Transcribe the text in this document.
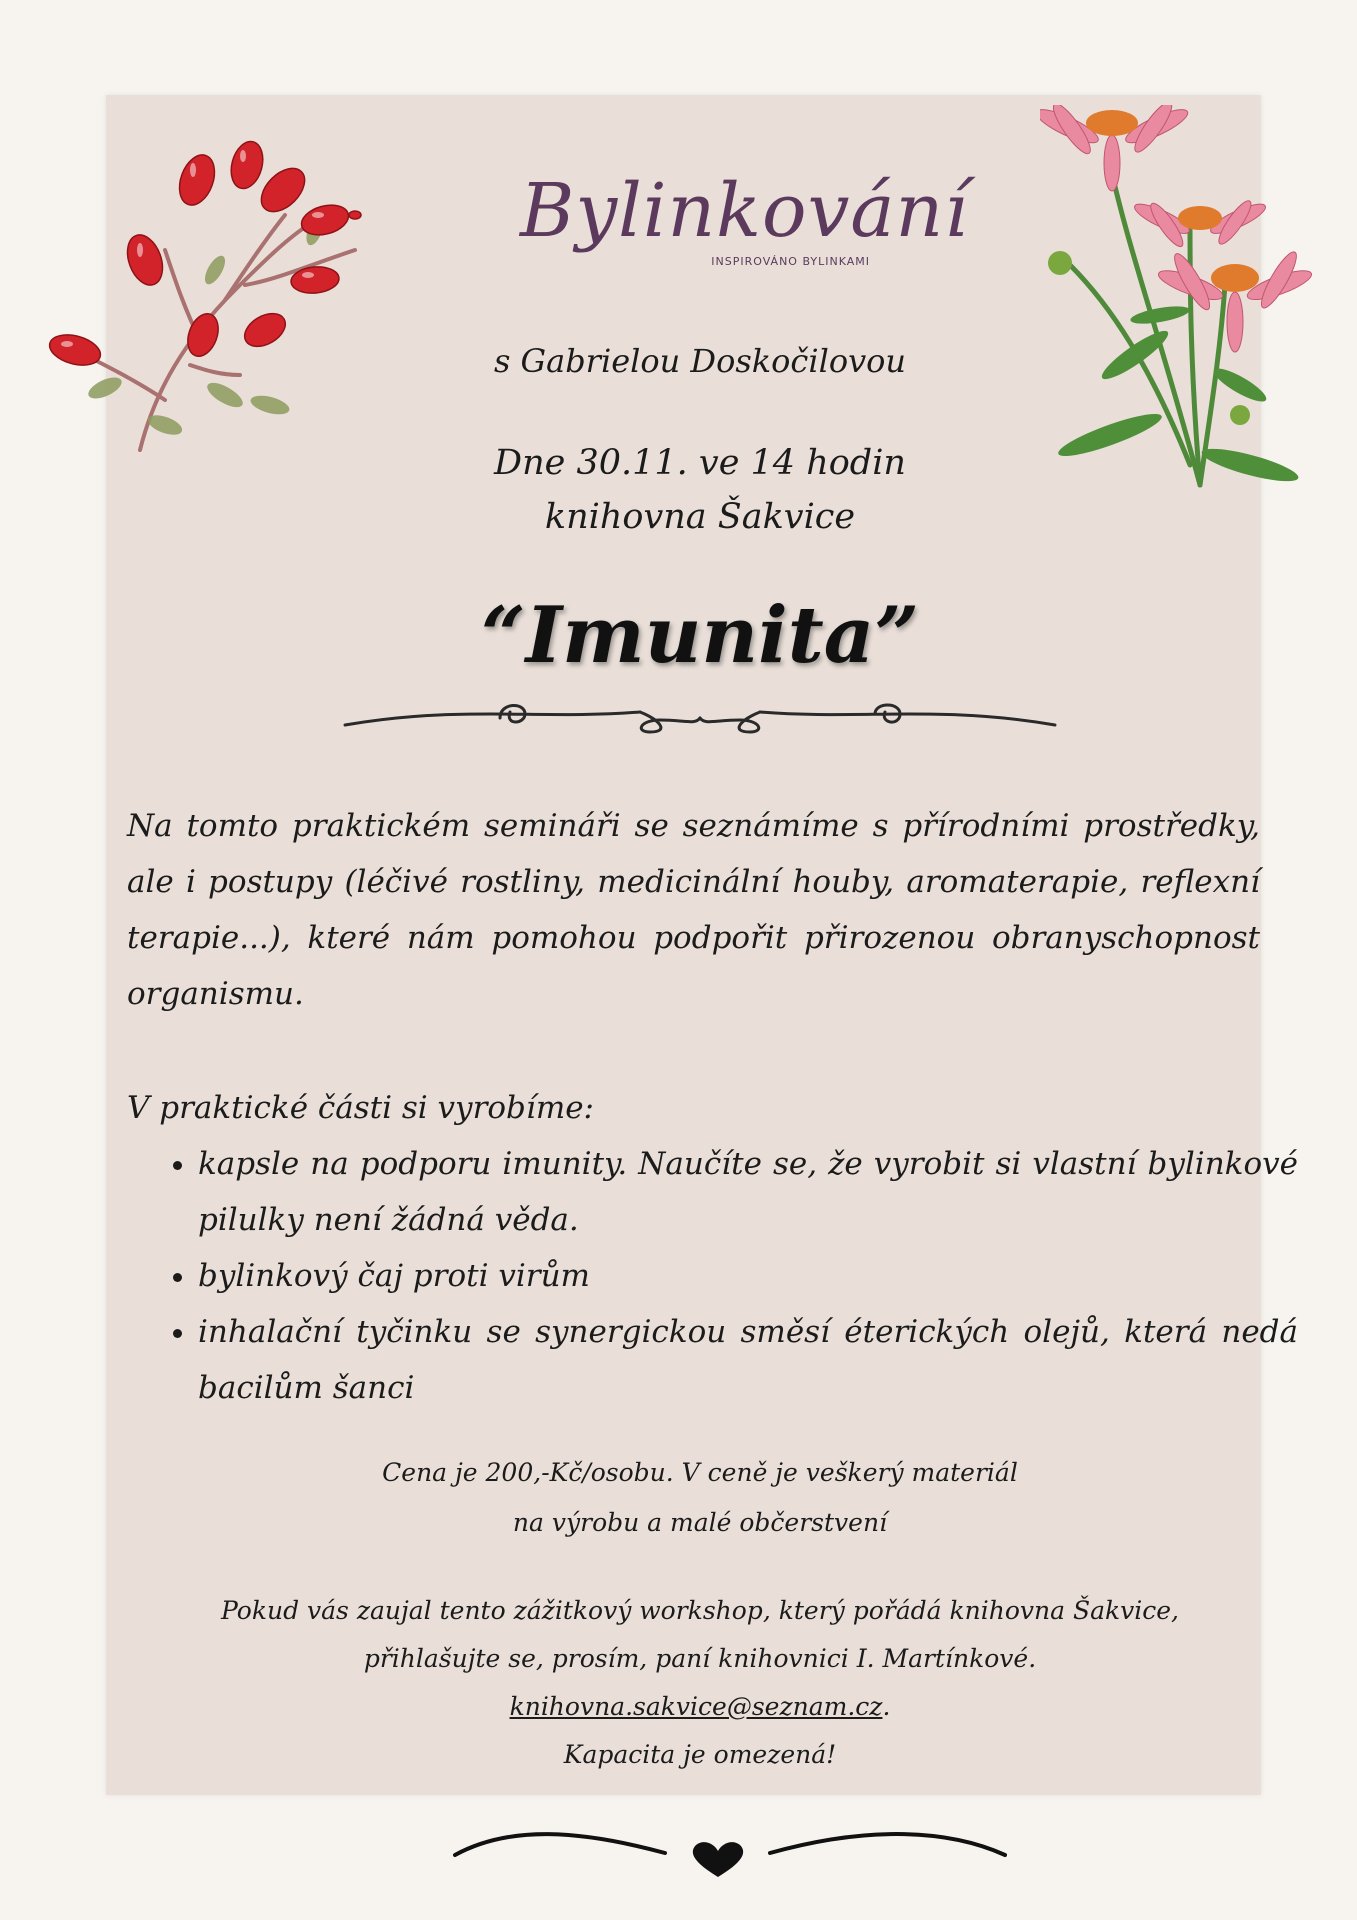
Bylinkování
INSPIROVÁNO BYLINKAMI
s Gabrielou Doskočilovou
Dne 30.11. ve 14 hodin
knihovna Šakvice
“Imunita”

Na tomto praktickém semináři se seznámíme s přírodními prostředky, ale i postupy (léčivé rostliny, medicinální houby, aromaterapie, reflexní terapie...), které nám pomohou podpořit přirozenou obranyschopnost organismu.

V praktické části si vyrobíme:
• kapsle na podporu imunity. Naučíte se, že vyrobit si vlastní bylinkové pilulky není žádná věda.
• bylinkový čaj proti virům
• inhalační tyčinku se synergickou směsí éterických olejů, která nedá bacilům šanci
Cena je 200,-Kč/osobu. V ceně je veškerý materiál
na výrobu a malé občerstvení
Pokud vás zaujal tento zážitkový workshop, který pořádá knihovna Šakvice,
přihlašujte se, prosím, paní knihovnici I. Martínkové.
knihovna.sakvice@seznam.cz.
Kapacita je omezená!
